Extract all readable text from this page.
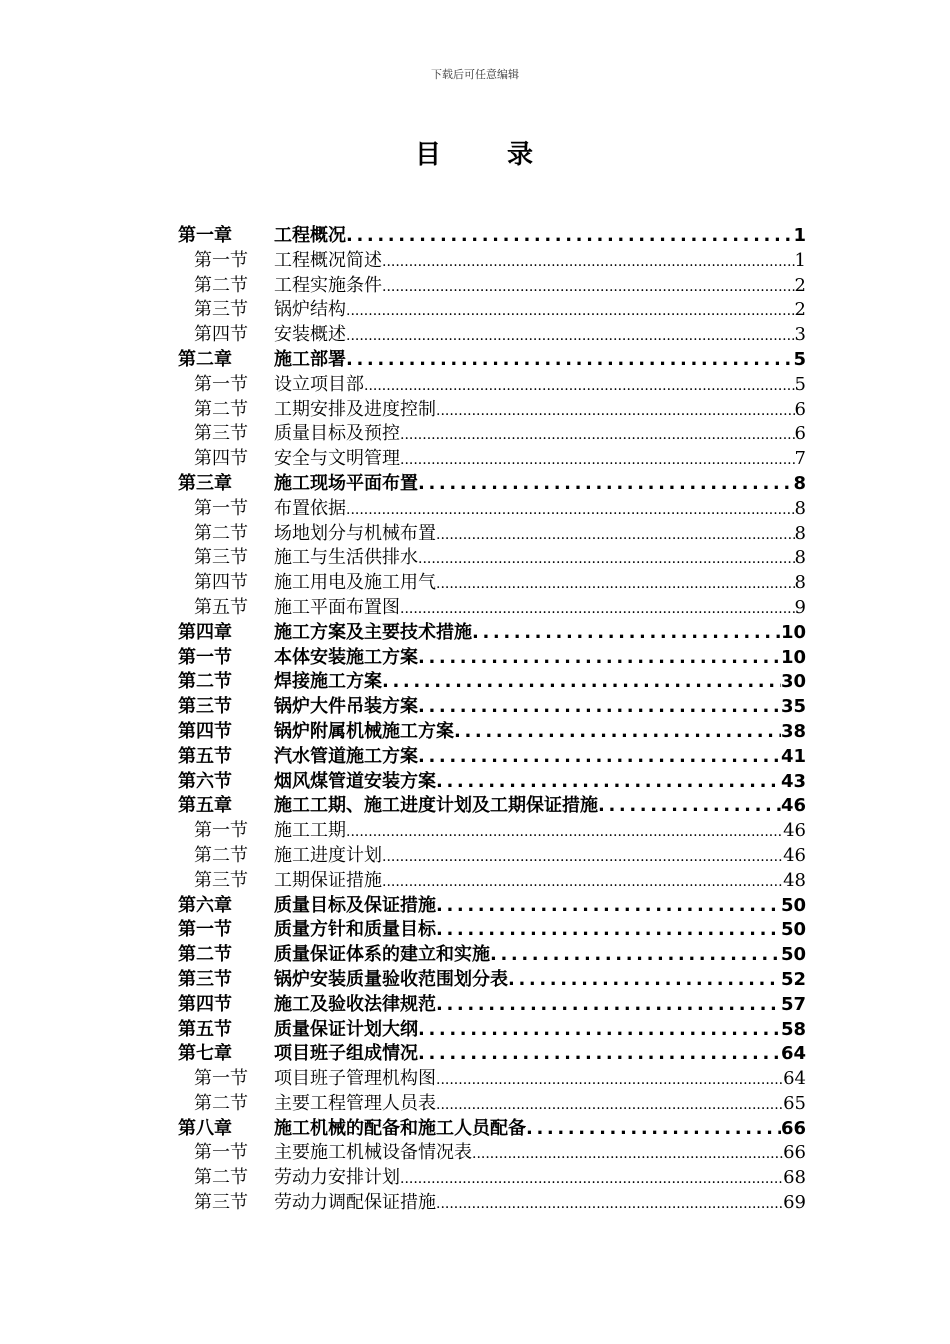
下载后可任意编辑
目 录
第一章	工程概况 .....	1
第一节	工程概况简述 .....	1
第二节	工程实施条件 .....	2
第三节	锅炉结构 .....	2
第四节	安装概述 .....	3
第二章	施工部署 .....	5
第一节	设立项目部 .....	5
第二节	工期安排及进度控制 .....	6
第三节	质量目标及预控 .....	6
第四节	安全与文明管理 .....	7
第三章	施工现场平面布置 .....	8
第一节	布置依据 .....	8
第二节	场地划分与机械布置 .....	8
第三节	施工与生活供排水 .....	8
第四节	施工用电及施工用气 .....	8
第五节	施工平面布置图 .....	9
第四章	施工方案及主要技术措施 .....	10
第一节	本体安装施工方案 .....	10
第二节	焊接施工方案 .....	30
第三节	锅炉大件吊装方案 .....	35
第四节	锅炉附属机械施工方案 .....	38
第五节	汽水管道施工方案 .....	41
第六节	烟风煤管道安装方案 .....	43
第五章	施工工期、施工进度计划及工期保证措施 .....	46
第一节	施工工期 .....	46
第二节	施工进度计划 .....	46
第三节	工期保证措施 .....	48
第六章	质量目标及保证措施 .....	50
第一节	质量方针和质量目标 .....	50
第二节	质量保证体系的建立和实施 .....	50
第三节	锅炉安装质量验收范围划分表 .....	52
第四节	施工及验收法律规范 .....	57
第五节	质量保证计划大纲 .....	58
第七章	项目班子组成情况 .....	64
第一节	项目班子管理机构图 .....	64
第二节	主要工程管理人员表 .....	65
第八章	施工机械的配备和施工人员配备 .....	66
第一节	主要施工机械设备情况表 .....	66
第二节	劳动力安排计划 .....	68
第三节	劳动力调配保证措施 .....	69
